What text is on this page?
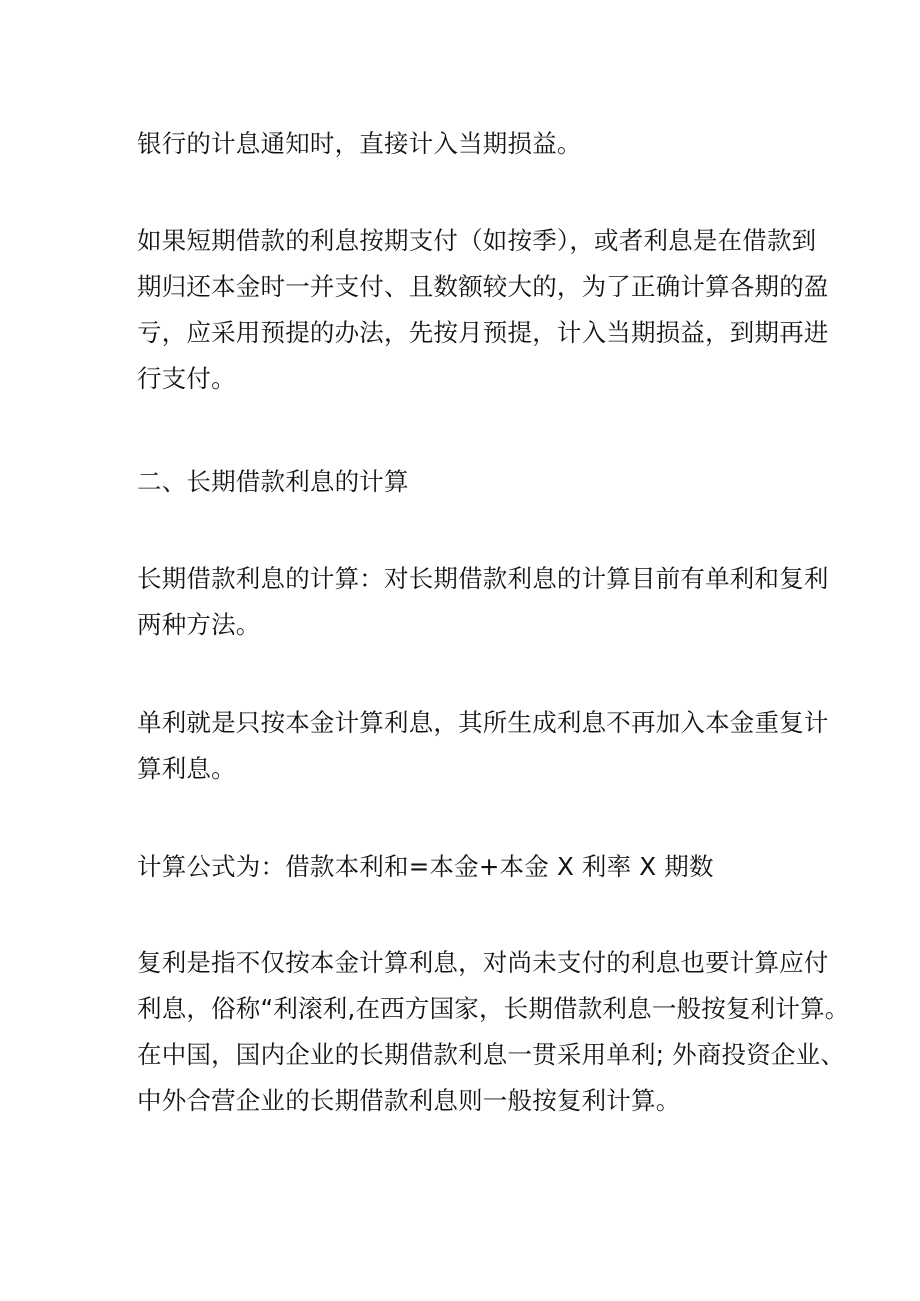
银行的计息通知时，直接计入当期损益。

如果短期借款的利息按期支付（如按季），或者利息是在借款到
期归还本金时一并支付、且数额较大的，为了正确计算各期的盈
亏，应采用预提的办法，先按月预提，计入当期损益，到期再进
行支付。

二、长期借款利息的计算

长期借款利息的计算：对长期借款利息的计算目前有单利和复利
两种方法。

单利就是只按本金计算利息，其所生成利息不再加入本金重复计
算利息。

计算公式为：借款本利和=本金+本金 X 利率 X 期数

复利是指不仅按本金计算利息，对尚未支付的利息也要计算应付
利息，俗称“利滚利,在西方国家，长期借款利息一般按复利计算。
在中国，国内企业的长期借款利息一贯采用单利; 外商投资企业、
中外合营企业的长期借款利息则一般按复利计算。
